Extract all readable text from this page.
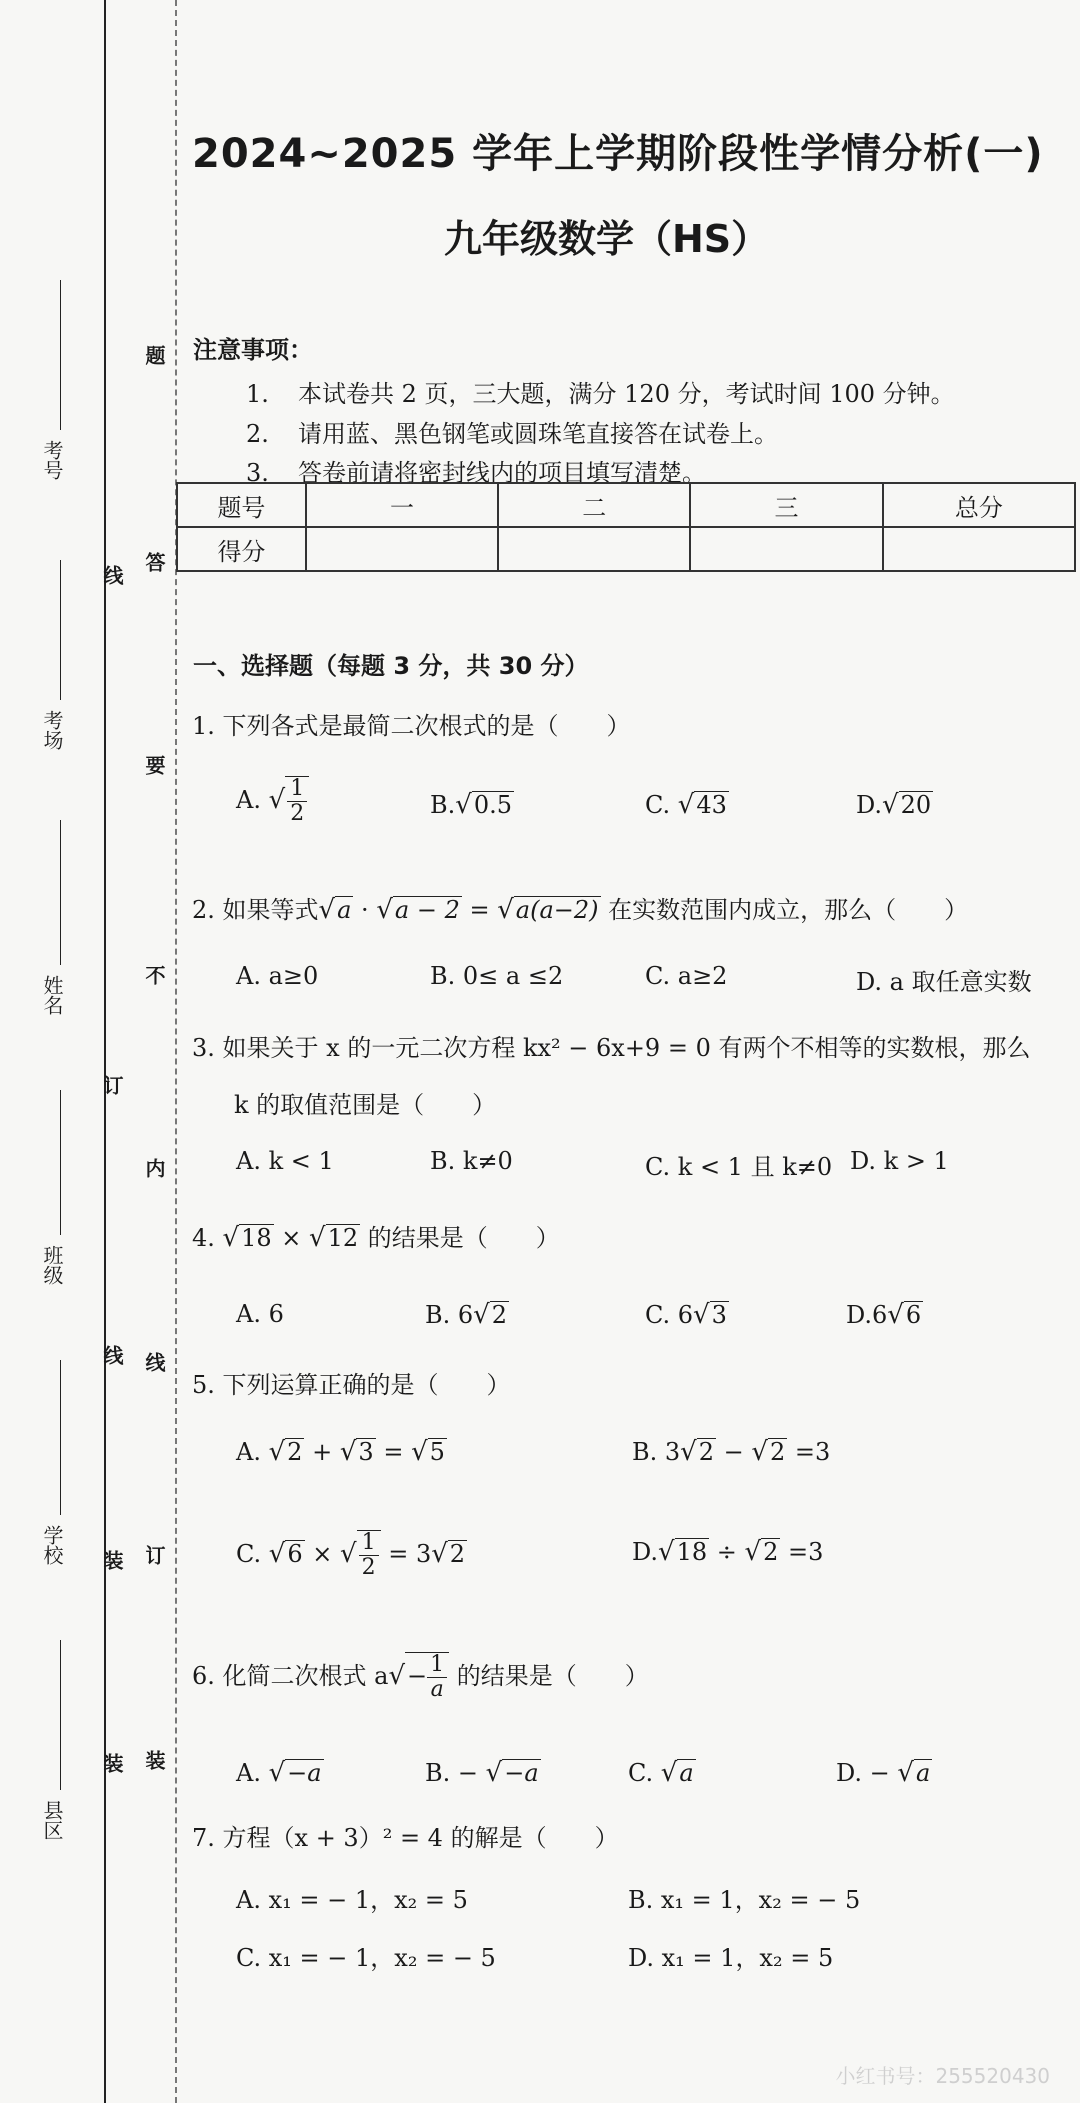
考号
考场
姓名
班级
学校
县区
线
订
线
装
装
题
答
要
不
内
线
订
装
2024~2025 学年上学期阶段性学情分析(一)
九年级数学（HS）
注意事项：
1. 本试卷共 2 页，三大题，满分 120 分，考试时间 100 分钟。
2. 请用蓝、黑色钢笔或圆珠笔直接答在试卷上。
3. 答卷前请将密封线内的项目填写清楚。
题号	一	二	三	总分
得分				
一、选择题（每题 3 分，共 30 分）
1. 下列各式是最简二次根式的是（　　）
A. √ $\frac{1}{2}$	B.√0.5	C. √43	D.√20
2. 如果等式√a · √a − 2 = √a(a−2) 在实数范围内成立，那么（　　）
A. a≥0	B. 0≤ a ≤2	C. a≥2	D. a 取任意实数
3. 如果关于 x 的一元二次方程 kx² − 6x+9 = 0 有两个不相等的实数根，那么
k 的取值范围是（　　）
A. k < 1	B. k≠0	C. k < 1 且 k≠0 D. k > 1
4. √18 × √12 的结果是（　　）
A. 6	B. 6√2	C. 6√3	D.6√6
5. 下列运算正确的是（　　）
A. √2 + √3 = √5	B. 3√2 − √2 =3
C. √6 × √ $\frac{1}{2} = 3√2$	D.√18 ÷ √2 =3
6. 化简二次根式 $a√- \frac{1}{a}$ 的结果是（　　）
A. √−a	B. − √−a	C. √a	D. − √a
7. 方程（x + 3）² = 4 的解是（　　）
A. x₁ = − 1，x₂ = 5	B. x₁ = 1，x₂ = − 5
C. x₁ = − 1，x₂ = − 5	D. x₁ = 1，x₂ = 5
小红书号：255520430
